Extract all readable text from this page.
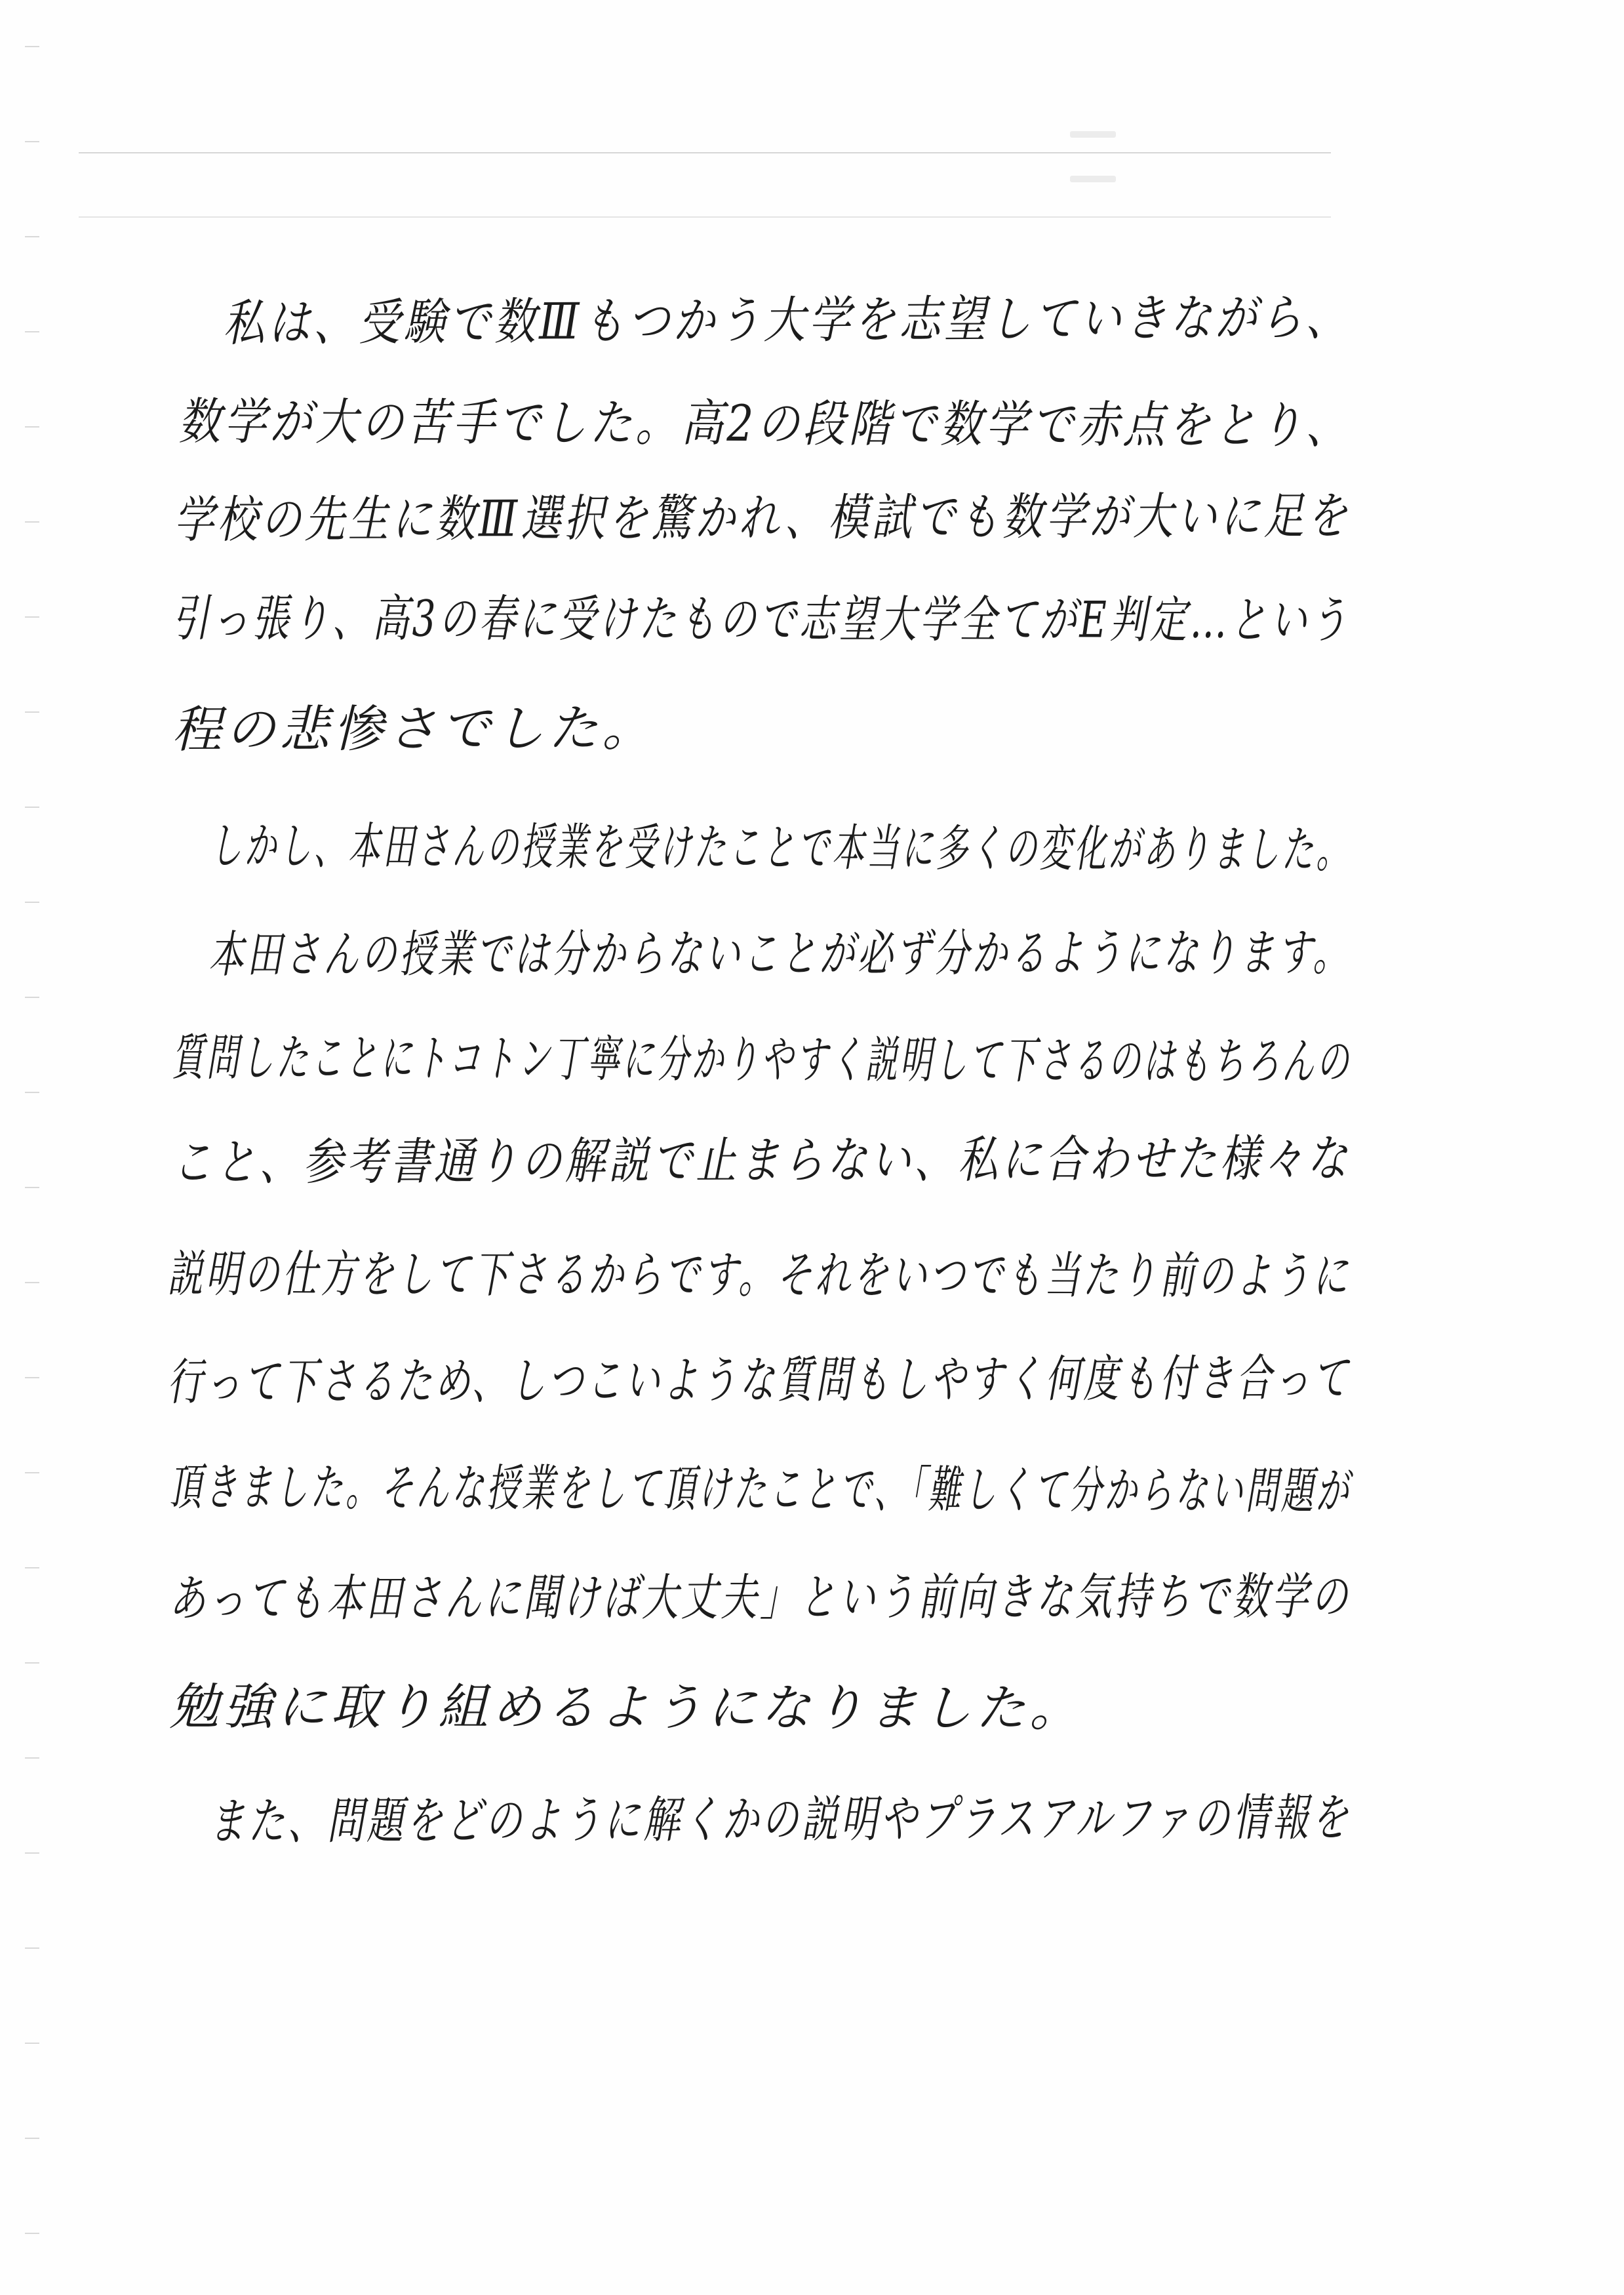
私は、受験で数Ⅲもつかう大学を志望していきながら、
数学が大の苦手でした。高2の段階で数学で赤点をとり、
学校の先生に数Ⅲ選択を驚かれ、模試でも数学が大いに足を
引っ張り、高3の春に受けたもので志望大学全てがE判定…という
程の悲惨さでした。
しかし、本田さんの授業を受けたことで本当に多くの変化がありました。
本田さんの授業では分からないことが必ず分かるようになります。
質問したことにトコトン丁寧に分かりやすく説明して下さるのはもちろんの
こと、参考書通りの解説で止まらない、私に合わせた様々な
説明の仕方をして下さるからです。それをいつでも当たり前のように
行って下さるため、しつこいような質問もしやすく何度も付き合って
頂きました。そんな授業をして頂けたことで、「難しくて分からない問題が
あっても本田さんに聞けば大丈夫」という前向きな気持ちで数学の
勉強に取り組めるようになりました。
また、問題をどのように解くかの説明やプラスアルファの情報を
